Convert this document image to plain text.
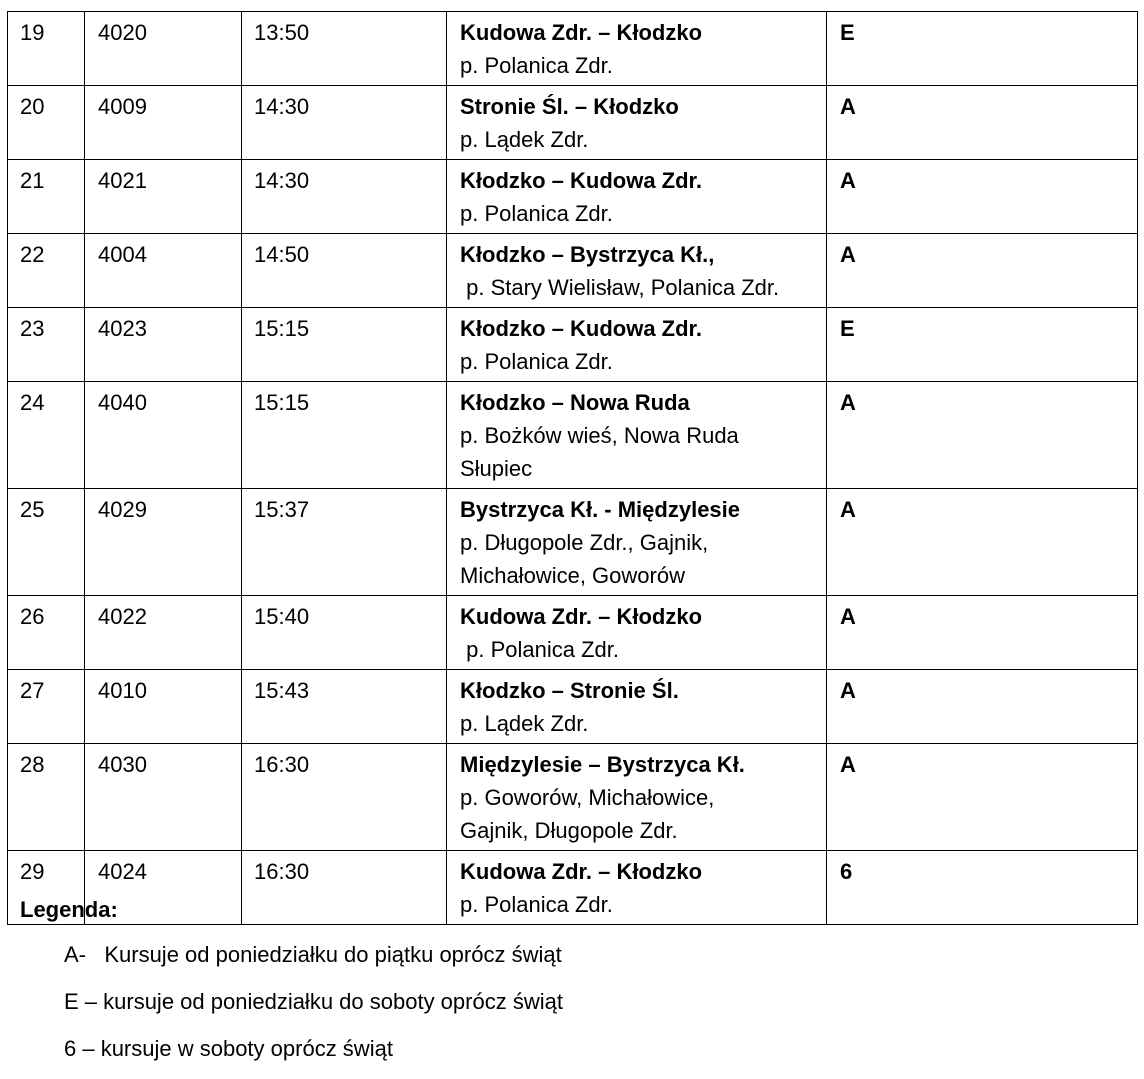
19	4020	13:50	Kudowa Zdr. – Kłodzko
p. Polanica Zdr.	E
20	4009	14:30	Stronie Śl. – Kłodzko
p. Lądek Zdr.	A
21	4021	14:30	Kłodzko – Kudowa Zdr.
p. Polanica Zdr.	A
22	4004	14:50	Kłodzko – Bystrzyca Kł.,
p. Stary Wielisław, Polanica Zdr.	A
23	4023	15:15	Kłodzko – Kudowa Zdr.
p. Polanica Zdr.	E
24	4040	15:15	Kłodzko – Nowa Ruda
p. Bożków wieś, Nowa Ruda Słupiec	A
25	4029	15:37	Bystrzyca Kł. - Międzylesie
p. Długopole Zdr., Gajnik, Michałowice, Goworów	A
26	4022	15:40	Kudowa Zdr. – Kłodzko
p. Polanica Zdr.	A
27	4010	15:43	Kłodzko – Stronie Śl.
p. Lądek Zdr.	A
28	4030	16:30	Międzylesie – Bystrzyca Kł.
p. Goworów, Michałowice, Gajnik, Długopole Zdr.	A
29	4024	16:30	Kudowa Zdr. – Kłodzko
p. Polanica Zdr.	6

Legenda:

A-   Kursuje od poniedziałku do piątku oprócz świąt
E – kursuje od poniedziałku do soboty oprócz świąt
6 – kursuje w soboty oprócz świąt
